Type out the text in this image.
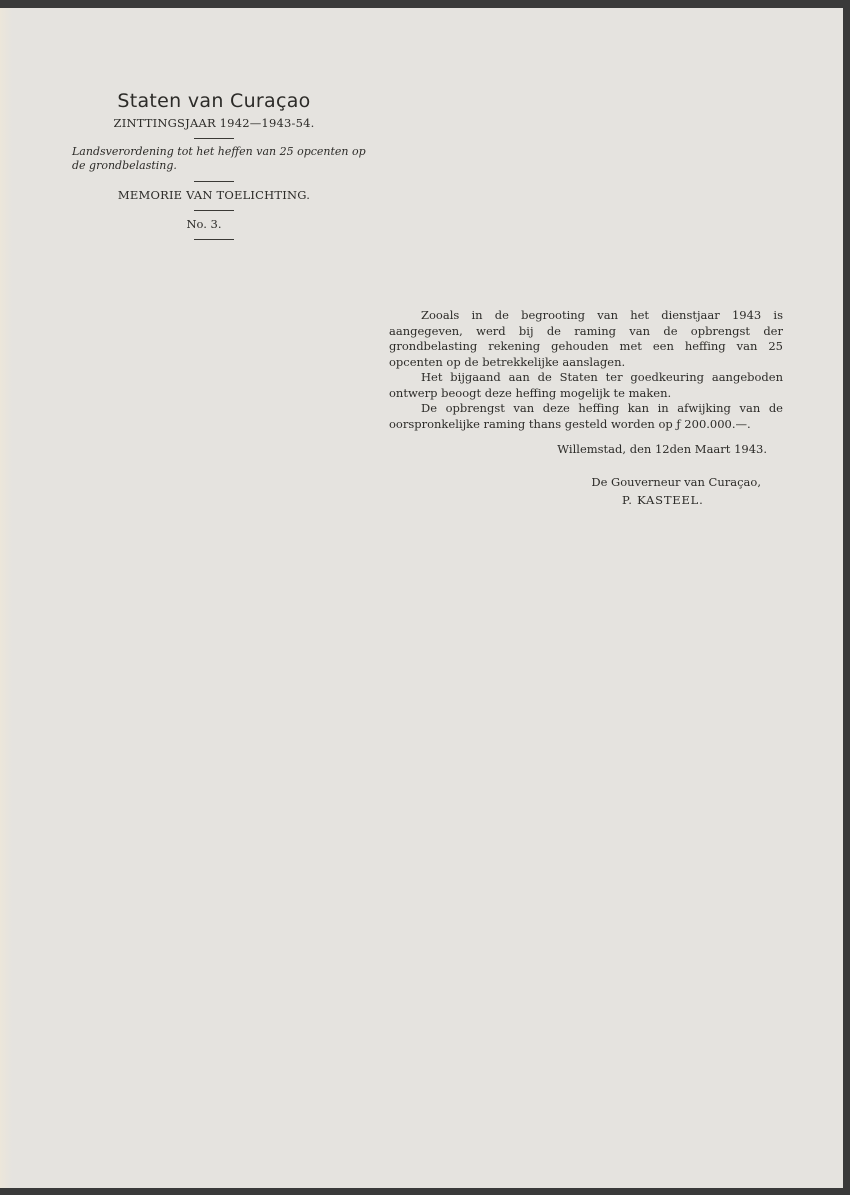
Staten van Curaçao
ZINTTINGSJAAR 1942—1943-54.
Landsverordening tot het heffen van 25 opcenten op de grondbelasting.
MEMORIE VAN TOELICHTING.
No. 3.

Zooals in de begrooting van het dienstjaar 1943 is aangegeven, werd bij de raming van de opbrengst der grondbelasting rekening gehouden met een heffing van 25 opcenten op de betrekkelijke aanslagen.

Het bijgaand aan de Staten ter goedkeuring aangeboden ontwerp beoogt deze heffing mogelijk te maken.

De opbrengst van deze heffing kan in afwijking van de oorspronkelijke raming thans gesteld worden op ƒ 200.000.—.

Willemstad, den 12den Maart 1943.
De Gouverneur van Curaçao,
P. KASTEEL.
